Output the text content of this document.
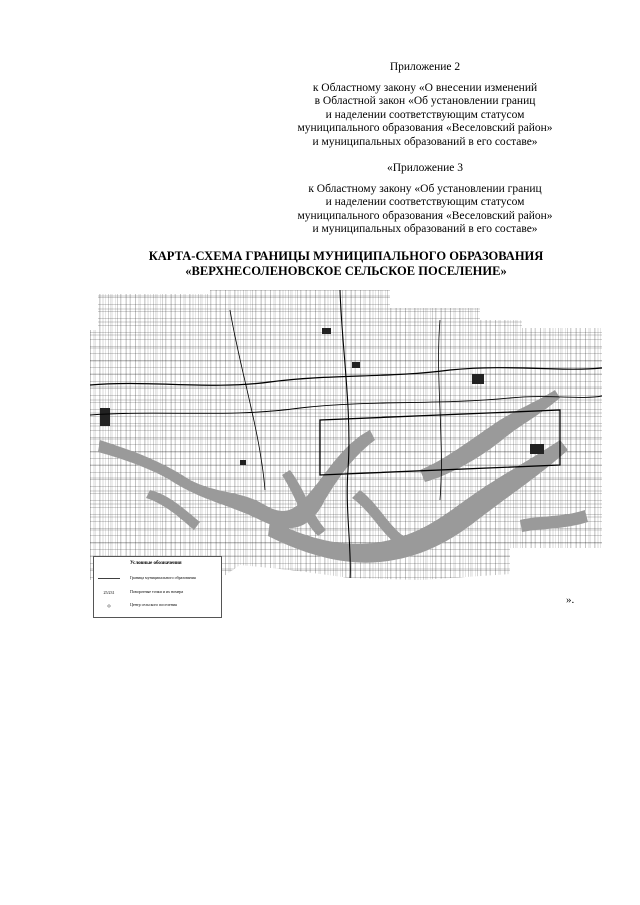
Приложение 2
к Областному закону «О внесении изменений
в Областной закон «Об установлении границ
и наделении соответствующим статусом
муниципального образования «Веселовский район»
и муниципальных образований в его составе»
«Приложение 3
к Областному закону «Об установлении границ
и наделении соответствующим статусом
муниципального образования «Веселовский район»
и муниципальных образований в его составе»
КАРТА-СХЕМА ГРАНИЦЫ МУНИЦИПАЛЬНОГО ОБРАЗОВАНИЯ
«ВЕРХНЕСОЛЕНОВСКОЕ СЕЛЬСКОЕ ПОСЕЛЕНИЕ»
Условные обозначения
Граница муниципального образования
25/231	Поворотные точки и их номера
◎	Центр сельского поселения	».
